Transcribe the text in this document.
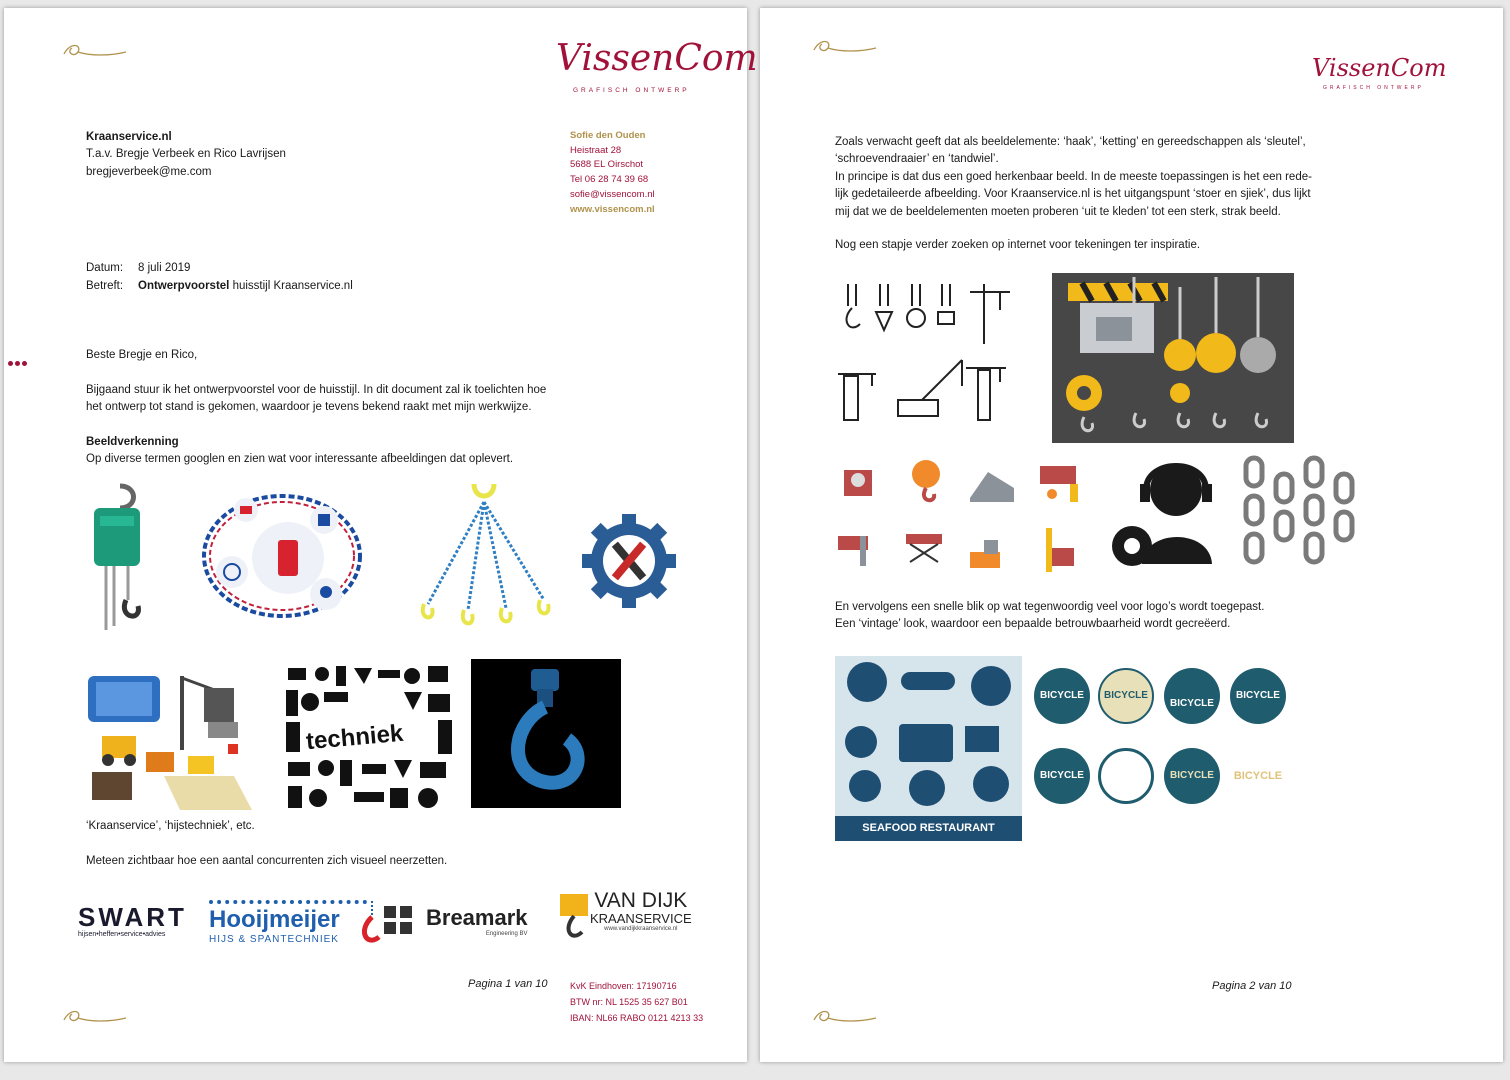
VissenCom
GRAFISCH ONTWERP
Kraanservice.nl
T.a.v. Bregje Verbeek en Rico Lavrijsen
bregjeverbeek@me.com
Sofie den Ouden
Heistraat 28
5688 EL Oirschot
Tel 06 28 74 39 68
sofie@vissencom.nl
www.vissencom.nl
Datum: 8 juli 2019
Betreft: Ontwerpvoorstel huisstijl Kraanservice.nl
Beste Bregje en Rico,
Bijgaand stuur ik het ontwerpvoorstel voor de huisstijl. In dit document zal ik toelichten hoe
het ontwerp tot stand is gekomen, waardoor je tevens bekend raakt met mijn werkwijze.
Beeldverkenning
Op diverse termen googlen en zien wat voor interessante afbeeldingen dat oplevert.
techniek
‘Kraanservice’, ‘hijstechniek’, etc.
Meteen zichtbaar hoe een aantal concurrenten zich visueel neerzetten.
SWART
hijsen•heffen•service•advies
Hooijmeijer
HIJS & SPANTECHNIEK
Breamark
Engineering BV
VAN DIJK
KRAANSERVICE
www.vandijkkraanservice.nl
Pagina 1 van 10 KvK Eindhoven: 17190716
BTW nr: NL 1525 35 627 B01
IBAN: NL66 RABO 0121 4213 33
VissenCom
GRAFISCH ONTWERP
Zoals verwacht geeft dat als beeldelemente: ‘haak’, ‘ketting’ en gereedschappen als ‘sleutel’,
‘schroevendraaier’ en ‘tandwiel’.
In principe is dat dus een goed herkenbaar beeld. In de meeste toepassingen is het een rede-
lijk gedetaileerde afbeelding. Voor Kraanservice.nl is het uitgangspunt ‘stoer en sjiek’, dus lijkt
mij dat we de beeldelementen moeten proberen ‘uit te kleden’ tot een sterk, strak beeld.
Nog een stapje verder zoeken op internet voor tekeningen ter inspiratie.
En vervolgens een snelle blik op wat tegenwoordig veel voor logo’s wordt toegepast.
Een ‘vintage’ look, waardoor een bepaalde betrouwbaarheid wordt gecreëerd.
SEAFOOD RESTAURANT
BICYCLE	BICYCLE
BICYCLE
BICYCLE
BICYCLE	BICYCLE	BICYCLE
Pagina 2 van 10
